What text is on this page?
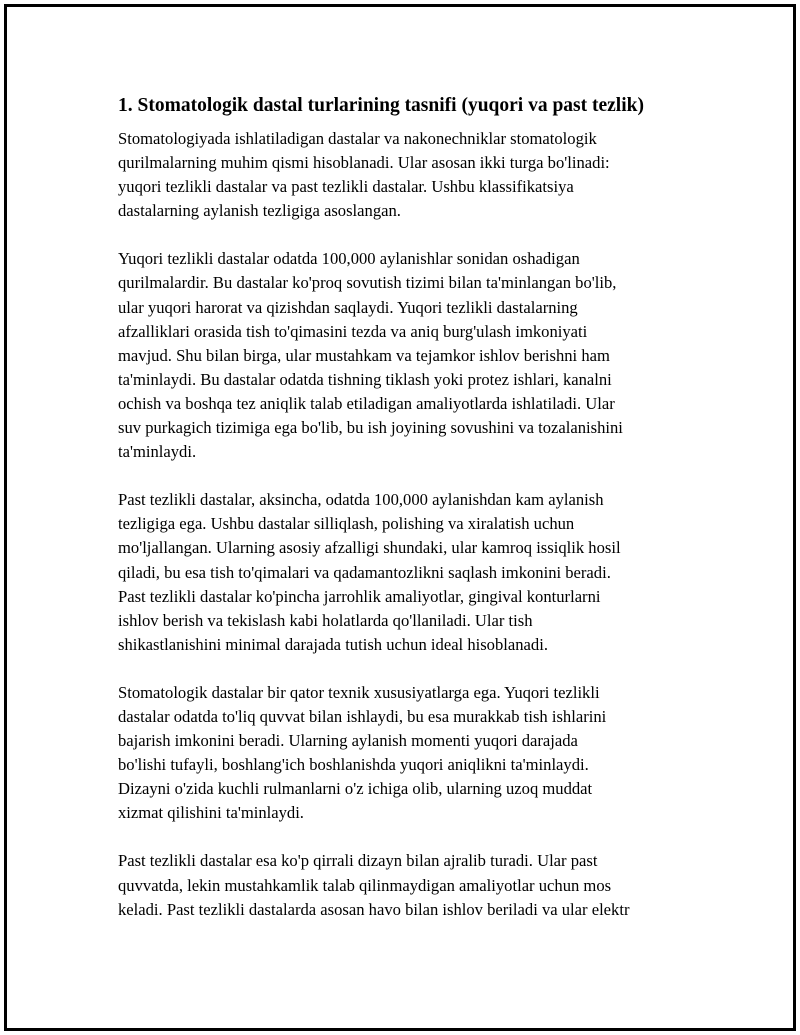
1. Stomatologik dastal turlarining tasnifi (yuqori va past tezlik)
Stomatologiyada ishlatiladigan dastalar va nakonechniklar stomatologik
qurilmalarning muhim qismi hisoblanadi. Ular asosan ikki turga bo'linadi:
yuqori tezlikli dastalar va past tezlikli dastalar. Ushbu klassifikatsiya
dastalarning aylanish tezligiga asoslangan.
Yuqori tezlikli dastalar odatda 100,000 aylanishlar sonidan oshadigan
qurilmalardir. Bu dastalar ko'proq sovutish tizimi bilan ta'minlangan bo'lib,
ular yuqori harorat va qizishdan saqlaydi. Yuqori tezlikli dastalarning
afzalliklari orasida tish to'qimasini tezda va aniq burg'ulash imkoniyati
mavjud. Shu bilan birga, ular mustahkam va tejamkor ishlov berishni ham
ta'minlaydi. Bu dastalar odatda tishning tiklash yoki protez ishlari, kanalni
ochish va boshqa tez aniqlik talab etiladigan amaliyotlarda ishlatiladi. Ular
suv purkagich tizimiga ega bo'lib, bu ish joyining sovushini va tozalanishini
ta'minlaydi.
Past tezlikli dastalar, aksincha, odatda 100,000 aylanishdan kam aylanish
tezligiga ega. Ushbu dastalar silliqlash, polishing va xiralatish uchun
mo'ljallangan. Ularning asosiy afzalligi shundaki, ular kamroq issiqlik hosil
qiladi, bu esa tish to'qimalari va qadamantozlikni saqlash imkonini beradi.
Past tezlikli dastalar ko'pincha jarrohlik amaliyotlar, gingival konturlarni
ishlov berish va tekislash kabi holatlarda qo'llaniladi. Ular tish
shikastlanishini minimal darajada tutish uchun ideal hisoblanadi.
Stomatologik dastalar bir qator texnik xususiyatlarga ega. Yuqori tezlikli
dastalar odatda to'liq quvvat bilan ishlaydi, bu esa murakkab tish ishlarini
bajarish imkonini beradi. Ularning aylanish momenti yuqori darajada
bo'lishi tufayli, boshlang'ich boshlanishda yuqori aniqlikni ta'minlaydi.
Dizayni o'zida kuchli rulmanlarni o'z ichiga olib, ularning uzoq muddat
xizmat qilishini ta'minlaydi.
Past tezlikli dastalar esa ko'p qirrali dizayn bilan ajralib turadi. Ular past
quvvatda, lekin mustahkamlik talab qilinmaydigan amaliyotlar uchun mos
keladi. Past tezlikli dastalarda asosan havo bilan ishlov beriladi va ular elektr
